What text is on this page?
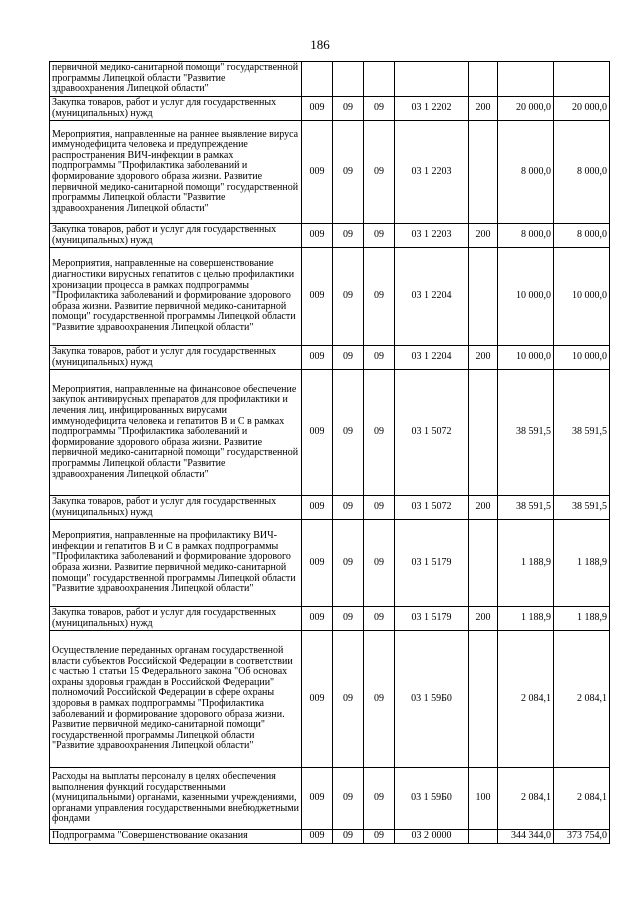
186
первичной медико-санитарной помощи" государственной программы Липецкой области "Развитие здравоохранения Липецкой области"							
Закупка товаров, работ и услуг для государственных (муниципальных) нужд	009	09	09	03 1 2202	200	20 000,0	20 000,0
Мероприятия, направленные на раннее выявление вируса иммунодефицита человека и предупреждение распространения ВИЧ-инфекции в рамках подпрограммы "Профилактика заболеваний и формирование здорового образа жизни. Развитие первичной медико-санитарной помощи" государственной программы Липецкой области "Развитие здравоохранения Липецкой области"	009	09	09	03 1 2203		8 000,0	8 000,0
Закупка товаров, работ и услуг для государственных (муниципальных) нужд	009	09	09	03 1 2203	200	8 000,0	8 000,0
Мероприятия, направленные на совершенствование диагностики вирусных гепатитов с целью профилактики хронизации процесса в рамках подпрограммы "Профилактика заболеваний и формирование здорового образа жизни. Развитие первичной медико-санитарной помощи" государственной программы Липецкой области "Развитие здравоохранения Липецкой области"	009	09	09	03 1 2204		10 000,0	10 000,0
Закупка товаров, работ и услуг для государственных (муниципальных) нужд	009	09	09	03 1 2204	200	10 000,0	10 000,0
Мероприятия, направленные на финансовое обеспечение закупок антивирусных препаратов для профилактики и лечения лиц, инфицированных вирусами иммунодефицита человека и гепатитов В и С в рамках подпрограммы "Профилактика заболеваний и формирование здорового образа жизни. Развитие первичной медико-санитарной помощи" государственной программы Липецкой области "Развитие здравоохранения Липецкой области"	009	09	09	03 1 5072		38 591,5	38 591,5
Закупка товаров, работ и услуг для государственных (муниципальных) нужд	009	09	09	03 1 5072	200	38 591,5	38 591,5
Мероприятия, направленные на профилактику ВИЧ-инфекции и гепатитов В и С в рамках подпрограммы "Профилактика заболеваний и формирование здорового образа жизни. Развитие первичной медико-санитарной помощи" государственной программы Липецкой области "Развитие здравоохранения Липецкой области"	009	09	09	03 1 5179		1 188,9	1 188,9
Закупка товаров, работ и услуг для государственных (муниципальных) нужд	009	09	09	03 1 5179	200	1 188,9	1 188,9
Осуществление переданных органам государственной власти субъектов Российской Федерации в соответствии с частью 1 статьи 15 Федерального закона "Об основах охраны здоровья граждан в Российской Федерации" полномочий Российской Федерации в сфере охраны здоровья в рамках подпрограммы "Профилактика заболеваний и формирование здорового образа жизни. Развитие первичной медико-санитарной помощи" государственной программы Липецкой области "Развитие здравоохранения Липецкой области"	009	09	09	03 1 59Б0		2 084,1	2 084,1
Расходы на выплаты персоналу в целях обеспечения выполнения функций государственными (муниципальными) органами, казенными учреждениями, органами управления государственными внебюджетными фондами	009	09	09	03 1 59Б0	100	2 084,1	2 084,1
Подпрограмма "Совершенствование оказания	009	09	09	03 2 0000		344 344,0	373 754,0
